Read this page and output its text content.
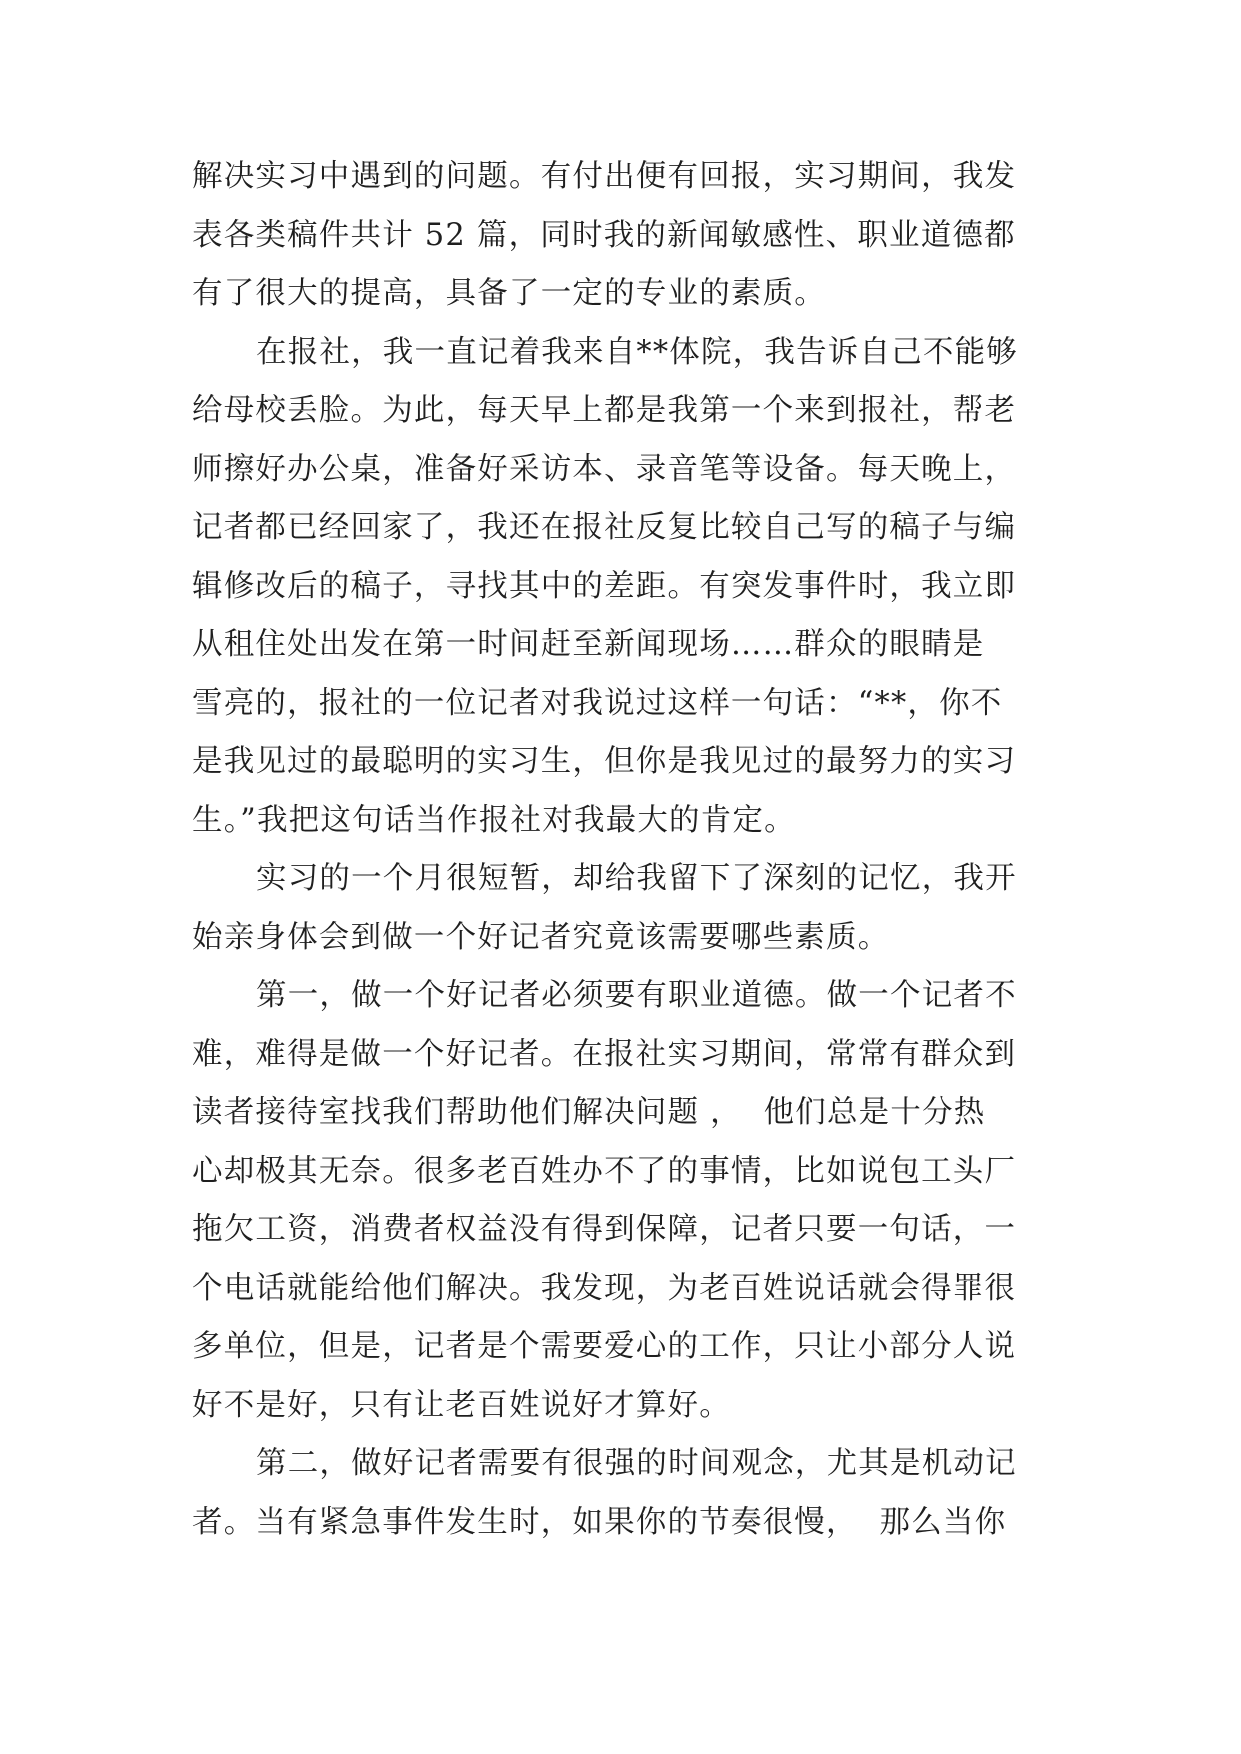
解决实习中遇到的问题。有付出便有回报，实习期间，我发
表各类稿件共计 52 篇，同时我的新闻敏感性、职业道德都
有了很大的提高，具备了一定的专业的素质。
在报社，我一直记着我来自**体院，我告诉自己不能够
给母校丢脸。为此，每天早上都是我第一个来到报社，帮老
师擦好办公桌，准备好采访本、录音笔等设备。每天晚上，
记者都已经回家了，我还在报社反复比较自己写的稿子与编
辑修改后的稿子，寻找其中的差距。有突发事件时，我立即
从租住处出发在第一时间赶至新闻现场……群众的眼睛是
雪亮的，报社的一位记者对我说过这样一句话：“**，你不
是我见过的最聪明的实习生，但你是我见过的最努力的实习
生。”我把这句话当作报社对我最大的肯定。
实习的一个月很短暂，却给我留下了深刻的记忆，我开
始亲身体会到做一个好记者究竟该需要哪些素质。
第一，做一个好记者必须要有职业道德。做一个记者不
难，难得是做一个好记者。在报社实习期间，常常有群众到
读者接待室找我们帮助他们解决问题 ，  他们总是十分热
心却极其无奈。很多老百姓办不了的事情，比如说包工头厂
拖欠工资，消费者权益没有得到保障，记者只要一句话，一
个电话就能给他们解决。我发现，为老百姓说话就会得罪很
多单位，但是，记者是个需要爱心的工作，只让小部分人说
好不是好，只有让老百姓说好才算好。
第二，做好记者需要有很强的时间观念，尤其是机动记
者。当有紧急事件发生时，如果你的节奏很慢，  那么当你
